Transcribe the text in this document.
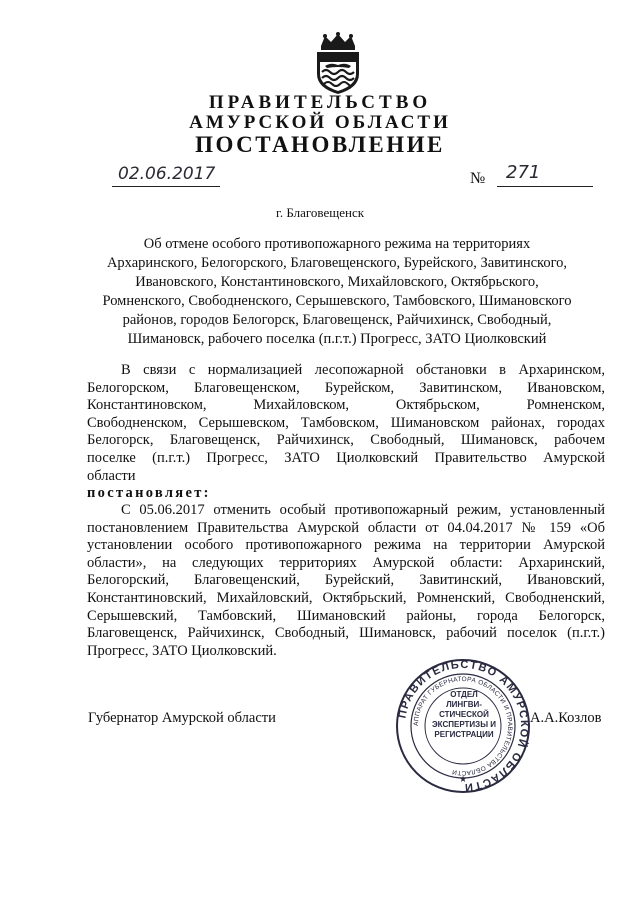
ПРАВИТЕЛЬСТВО
АМУРСКОЙ ОБЛАСТИ
ПОСТАНОВЛЕНИЕ
02.06.2017	№ 271
г. Благовещенск
Об отмене особого противопожарного режима на территориях
Архаринского, Белогорского, Благовещенского, Бурейского, Завитинского,
Ивановского, Константиновского, Михайловского, Октябрьского,
Ромненского, Свободненского, Серышевского, Тамбовского, Шимановского
районов, городов Белогорск, Благовещенск, Райчихинск, Свободный,
Шимановск, рабочего поселка (п.г.т.) Прогресс, ЗАТО Циолковский
В связи с нормализацией лесопожарной обстановки в Архаринском,
Белогорском, Благовещенском, Бурейском, Завитинском, Ивановском,
Константиновском, Михайловском, Октябрьском, Ромненском,
Свободненском, Серышевском, Тамбовском, Шимановском районах, городах
Белогорск, Благовещенск, Райчихинск, Свободный, Шимановск, рабочем
поселке (п.г.т.) Прогресс, ЗАТО Циолковский Правительство Амурской
области
постановляет:
С 05.06.2017 отменить особый противопожарный режим, установленный
постановлением Правительства Амурской области от 04.04.2017 № 159 «Об
установлении особого противопожарного режима на территории Амурской
области», на следующих территориях Амурской области: Архаринский,
Белогорский, Благовещенский, Бурейский, Завитинский, Ивановский,
Константиновский, Михайловский, Октябрьский, Ромненский, Свободненский,
Серышевский, Тамбовский, Шимановский районы, города Белогорск,
Благовещенск, Райчихинск, Свободный, Шимановск, рабочий поселок (п.г.т.)
Прогресс, ЗАТО Циолковский.
ПРАВИТЕЛЬСТВО АМУРСКОЙ ОБЛАСТИ
АППАРАТ ГУБЕРНАТОРА ОБЛАСТИ И ПРАВИТЕЛЬСТВА ОБЛАСТИ
★
ОТДЕЛ
ЛИНГВИ-
СТИЧЕСКОЙ
ЭКСПЕРТИЗЫ И
РЕГИСТРАЦИИ
Губернатор Амурской области	А.А.Козлов
